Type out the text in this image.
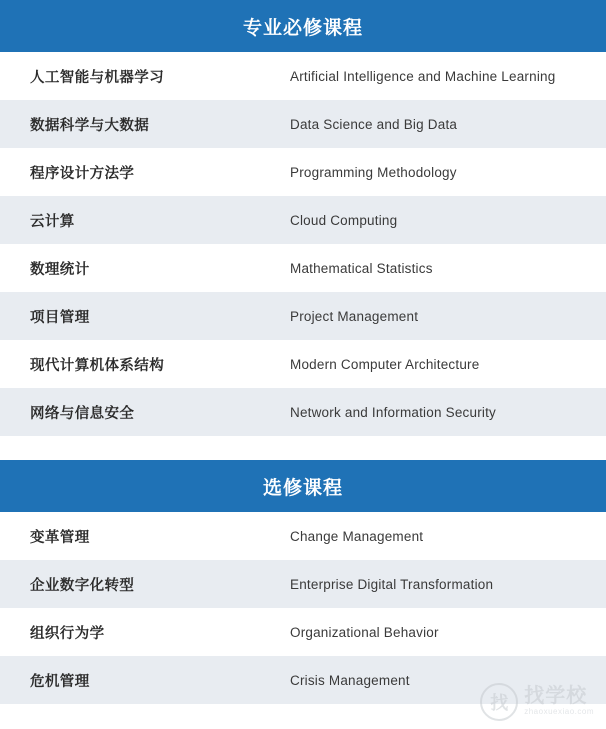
专业必修课程
人工智能与机器学习	Artificial Intelligence and Machine Learning
数据科学与大数据	Data Science and Big Data
程序设计方法学	Programming Methodology
云计算	Cloud Computing
数理统计	Mathematical Statistics
项目管理	Project Management
现代计算机体系结构	Modern Computer Architecture
网络与信息安全	Network and Information Security
选修课程
变革管理	Change Management
企业数字化转型	Enterprise Digital Transformation
组织行为学	Organizational Behavior
危机管理	Crisis Management
找 找学校
zhaoxuexiao.com
